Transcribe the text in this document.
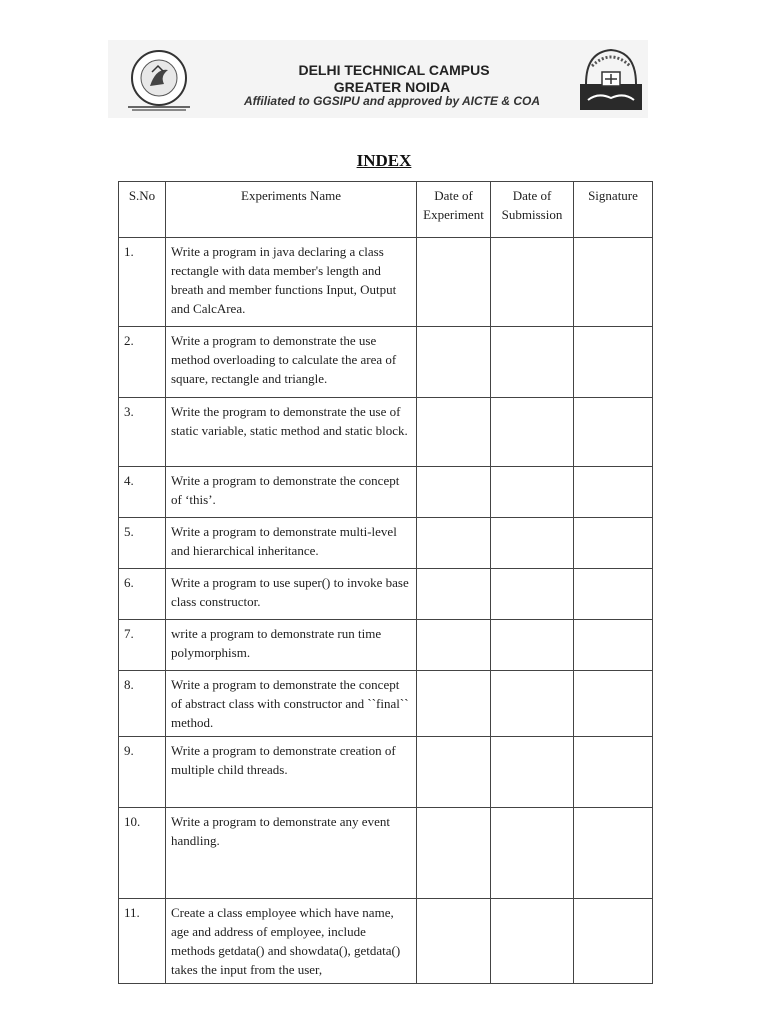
DELHI TECHNICAL CAMPUS
GREATER NOIDA
Affiliated to GGSIPU and approved by AICTE & COA
INDEX
S.No	Experiments Name	Date of Experiment	Date of Submission	Signature
1.	Write a program in java declaring a class rectangle with data member's length and breath and member functions Input, Output and CalcArea.			
2.	Write a program to demonstrate the use method overloading to calculate the area of square, rectangle and triangle.			
3.	Write the program to demonstrate the use of static variable, static method and static block.			
4.	Write a program to demonstrate the concept of ‘this’.			
5.	Write a program to demonstrate multi-level and hierarchical inheritance.			
6.	Write a program to use super() to invoke base class constructor.			
7.	write a program to demonstrate run time polymorphism.			
8.	Write a program to demonstrate the concept of abstract class with constructor and ``final`` method.			
9.	Write a program to demonstrate creation of multiple child threads.			
10.	Write a program to demonstrate any event handling.			
11.	Create a class employee which have name, age and address of employee, include methods getdata() and showdata(), getdata() takes the input from the user,			
